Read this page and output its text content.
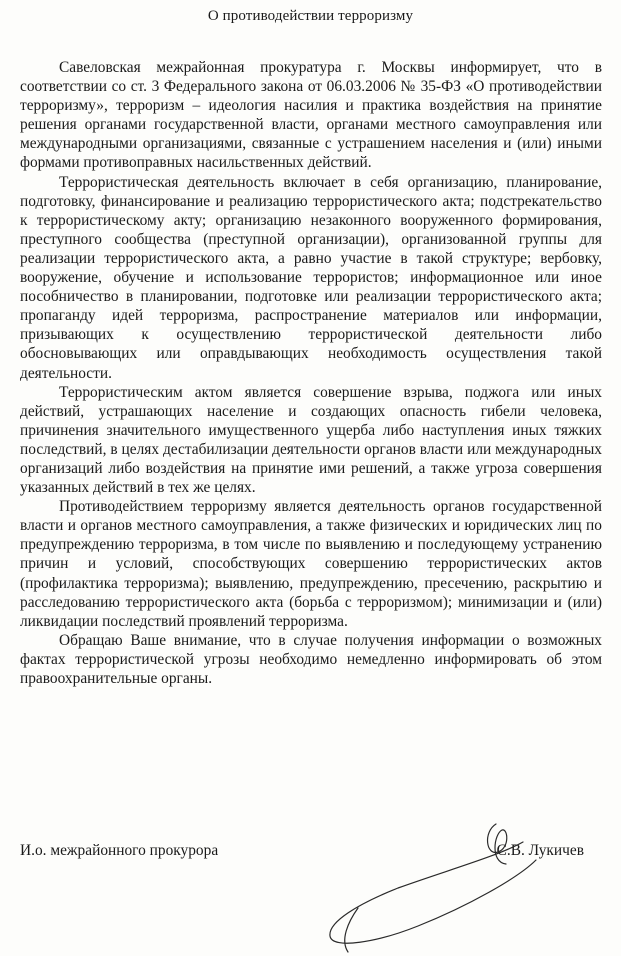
О противодействии терроризму

Савеловская межрайонная прокуратура г. Москвы информирует, что в соответствии со ст. 3 Федерального закона от 06.03.2006 № 35-ФЗ «О противодействии терроризму», терроризм – идеология насилия и практика воздействия на принятие решения органами государственной власти, органами местного самоуправления или международными организациями, связанные с устрашением населения и (или) иными формами противоправных насильственных действий.

Террористическая деятельность включает в себя организацию, планирование, подготовку, финансирование и реализацию террористического акта; подстрекательство к террористическому акту; организацию незаконного вооруженного формирования, преступного сообщества (преступной организации), организованной группы для реализации террористического акта, а равно участие в такой структуре; вербовку, вооружение, обучение и использование террористов; информационное или иное пособничество в планировании, подготовке или реализации террористического акта; пропаганду идей терроризма, распространение материалов или информации, призывающих к осуществлению террористической деятельности либо обосновывающих или оправдывающих необходимость осуществления такой деятельности.

Террористическим актом является совершение взрыва, поджога или иных действий, устрашающих население и создающих опасность гибели человека, причинения значительного имущественного ущерба либо наступления иных тяжких последствий, в целях дестабилизации деятельности органов власти или международных организаций либо воздействия на принятие ими решений, а также угроза совершения указанных действий в тех же целях.

Противодействием терроризму является деятельность органов государственной власти и органов местного самоуправления, а также физических и юридических лиц по предупреждению терроризма, в том числе по выявлению и последующему устранению причин и условий, способствующих совершению террористических актов (профилактика терроризма); выявлению, предупреждению, пресечению, раскрытию и расследованию террористического акта (борьба с терроризмом); минимизации и (или) ликвидации последствий проявлений терроризма.

Обращаю Ваше внимание, что в случае получения информации о возможных фактах террористической угрозы необходимо немедленно информировать об этом правоохранительные органы.

И.о. межрайонного прокурора	С.В. Лукичев
